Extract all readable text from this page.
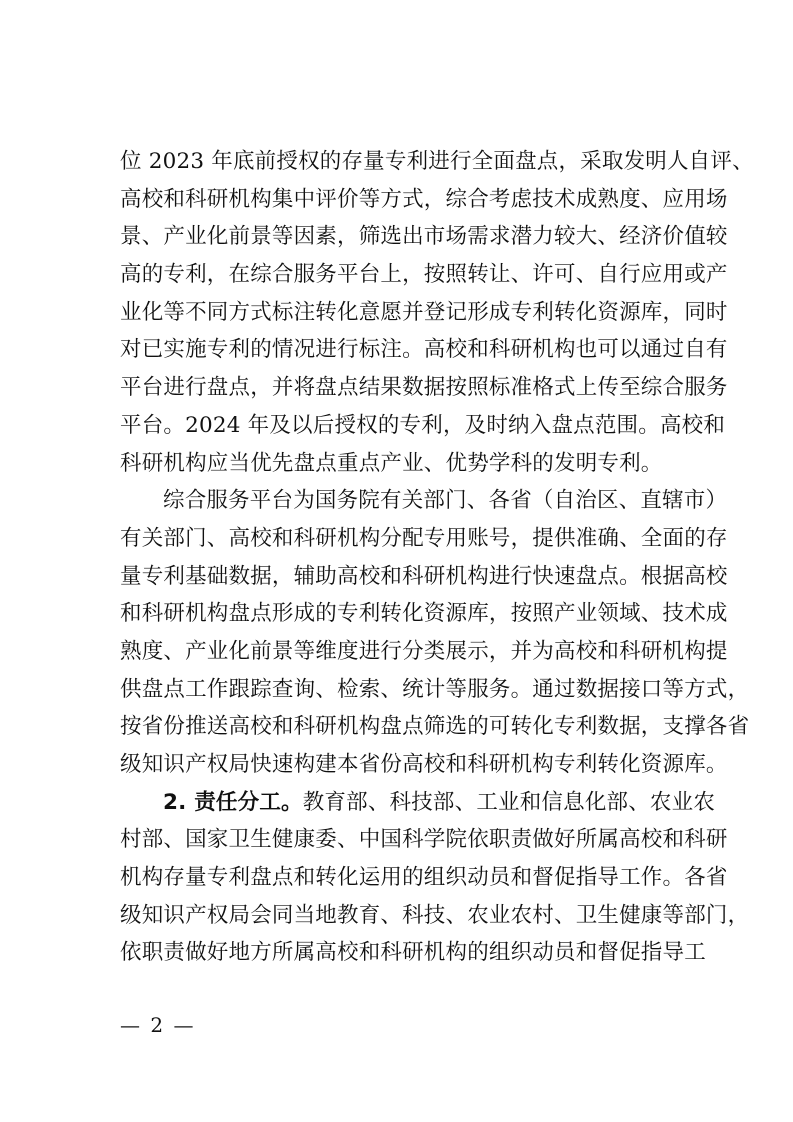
位 2023 年底前授权的存量专利进行全面盘点，采取发明人自评、
高校和科研机构集中评价等方式，综合考虑技术成熟度、应用场
景、产业化前景等因素，筛选出市场需求潜力较大、经济价值较
高的专利，在综合服务平台上，按照转让、许可、自行应用或产
业化等不同方式标注转化意愿并登记形成专利转化资源库，同时
对已实施专利的情况进行标注。高校和科研机构也可以通过自有
平台进行盘点，并将盘点结果数据按照标准格式上传至综合服务
平台。2024 年及以后授权的专利，及时纳入盘点范围。高校和
科研机构应当优先盘点重点产业、优势学科的发明专利。
综合服务平台为国务院有关部门、各省（自治区、直辖市）
有关部门、高校和科研机构分配专用账号，提供准确、全面的存
量专利基础数据，辅助高校和科研机构进行快速盘点。根据高校
和科研机构盘点形成的专利转化资源库，按照产业领域、技术成
熟度、产业化前景等维度进行分类展示，并为高校和科研机构提
供盘点工作跟踪查询、检索、统计等服务。通过数据接口等方式，
按省份推送高校和科研机构盘点筛选的可转化专利数据，支撑各省
级知识产权局快速构建本省份高校和科研机构专利转化资源库。
2. 责任分工。教育部、科技部、工业和信息化部、农业农
村部、国家卫生健康委、中国科学院依职责做好所属高校和科研
机构存量专利盘点和转化运用的组织动员和督促指导工作。各省
级知识产权局会同当地教育、科技、农业农村、卫生健康等部门，
依职责做好地方所属高校和科研机构的组织动员和督促指导工
— 2 —
